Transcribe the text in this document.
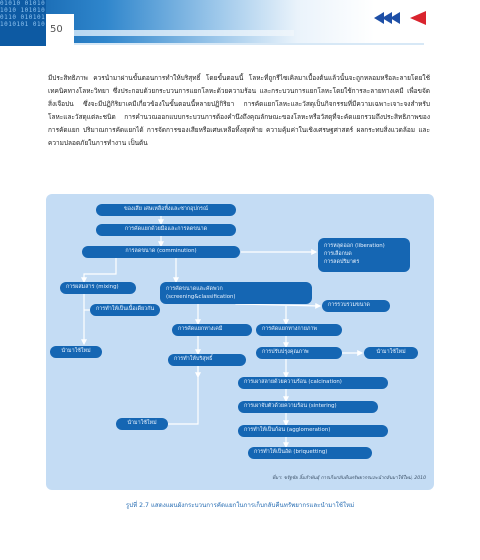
01010 01010
1010 101010
0110 010101
1010101 010 50
มีประสิทธิภาพ ควรนำมาผ่านขั้นตอนการทำให้บริสุทธิ์ โดยขั้นตอนนี้ โลหะที่ถูกรีไซเคิลมาเบื้องต้นแล้วนั้นจะถูกหลอมหรือละลายโดยใช้เทคนิคทางโลหะวิทยา ซึ่งประกอบด้วยกระบวนการแยกโลหะด้วยความร้อน และกระบวนการแยกโลหะโดยใช้การละลายทางเคมี เพื่อขจัดสิ่งเจือปน ซึ่งจะมีปฏิกิริยาเคมีเกี่ยวข้องในขั้นตอนนี้หลายปฏิกิริยา การคัดแยกโลหะและวัสดุเป็นกิจกรรมที่มีความเฉพาะเจาะจงสำหรับโลหะและวัสดุแต่ละชนิด การคำนวณออกแบบกระบวนการต้องคำนึงถึงคุณลักษณะของโลหะหรือวัสดุที่จะคัดแยกรวมถึงประสิทธิภาพของการคัดแยก ปริมาณการคัดแยกได้ การจัดการของเสียหรือเศษเหลือทิ้งสุดท้าย ความคุ้มค่าในเชิงเศรษฐศาสตร์ ผลกระทบสิ่งแวดล้อม และความปลอดภัยในการทำงาน เป็นต้น
ของเสีย เศษเหลือทิ้งและซากอุปกรณ์
การคัดแยกด้วยมือและการลดขนาด
การลดขนาด (comminution)
การหลุดออก (liberation)
การเลือกบด
การลดปริมาตร
การผสมสาร (mixing)	การคัดขนาดและคัดพวก
(screening&classification)
การทำให้เป็นเนื้อเดียวกัน
การรวบรวมขนาด
การคัดแยกทางเคมี	การคัดแยกทางกายภาพ
นำมาใช้ใหม่
การทำให้บริสุทธิ์
การปรับปรุงคุณภาพ	นำมาใช้ใหม่
การเผาสลายด้วยความร้อน (calcination)
การเผาจับตัวด้วยความร้อน (sintering)
นำมาใช้ใหม่
การทำให้เป็นก้อน (agglomeration)
การทำให้เป็นอัด (briquetting)
ที่มา: ชรัฐชัย ลิ้มสำพันธุ์ การเก็บกลับคืนทรัพยากรและนำกลับมาใช้ใหม่, 2010
รูปที่ 2.7 แสดงแผนผังกระบวนการคัดแยกในการเก็บกลับคืนทรัพยากรและนำมาใช้ใหม่
